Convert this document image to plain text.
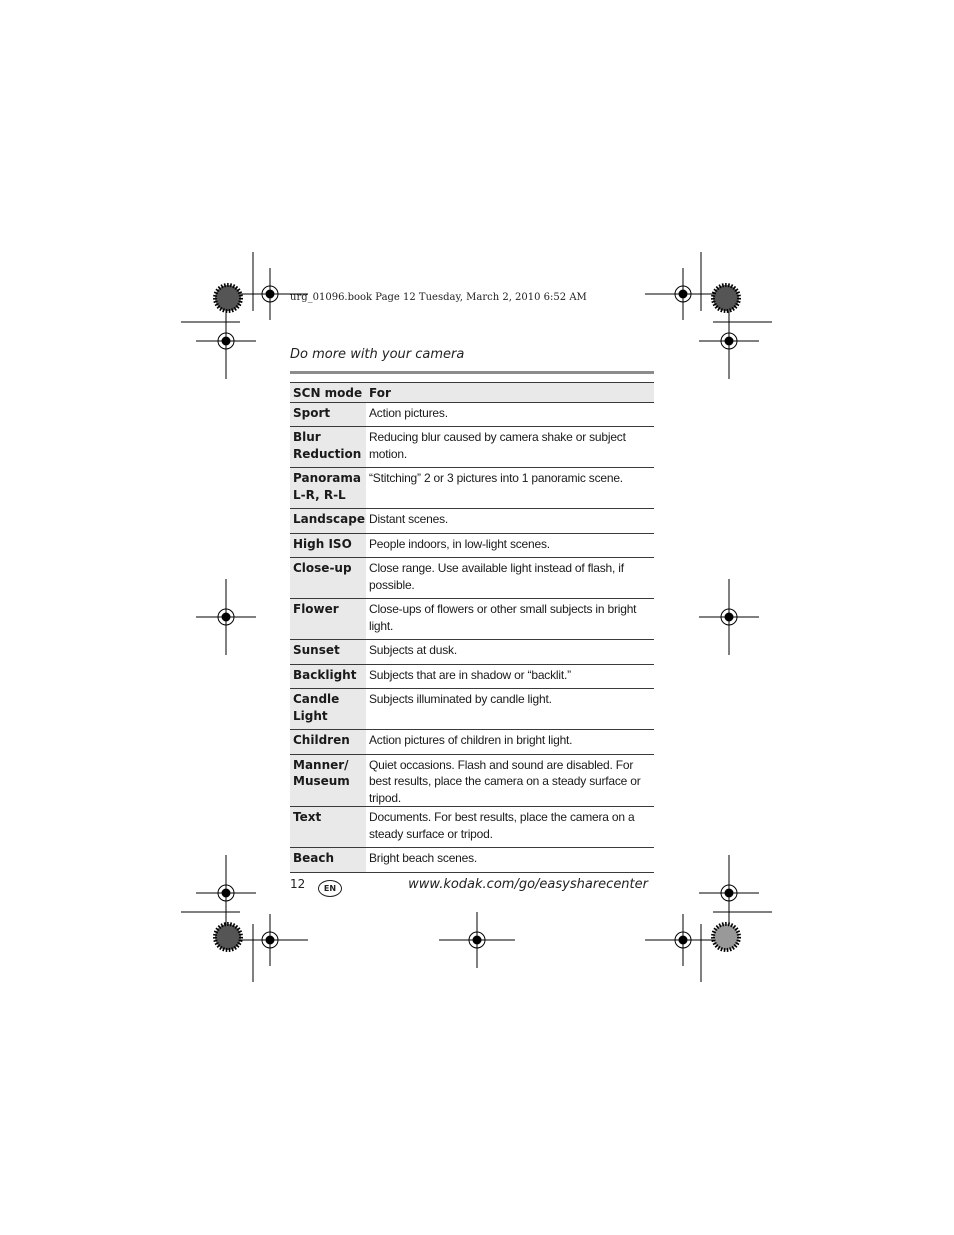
urg_01096.book Page 12 Tuesday, March 2, 2010 6:52 AM
Do more with your camera
SCN mode	For
Sport	Action pictures.
Blur Reduction	Reducing blur caused by camera shake or subject motion.
Panorama L-R, R-L	“Stitching” 2 or 3 pictures into 1 panoramic scene.
Landscape	Distant scenes.
High ISO	People indoors, in low-light scenes.
Close-up	Close range. Use available light instead of flash, if possible.
Flower	Close-ups of flowers or other small subjects in bright light.
Sunset	Subjects at dusk.
Backlight	Subjects that are in shadow or “backlit.”
Candle Light	Subjects illuminated by candle light.
Children	Action pictures of children in bright light.
Manner/ Museum	Quiet occasions. Flash and sound are disabled. For best results, place the camera on a steady surface or tripod.
Text	Documents. For best results, place the camera on a steady surface or tripod.
Beach	Bright beach scenes.
12	EN	www.kodak.com/go/easysharecenter
